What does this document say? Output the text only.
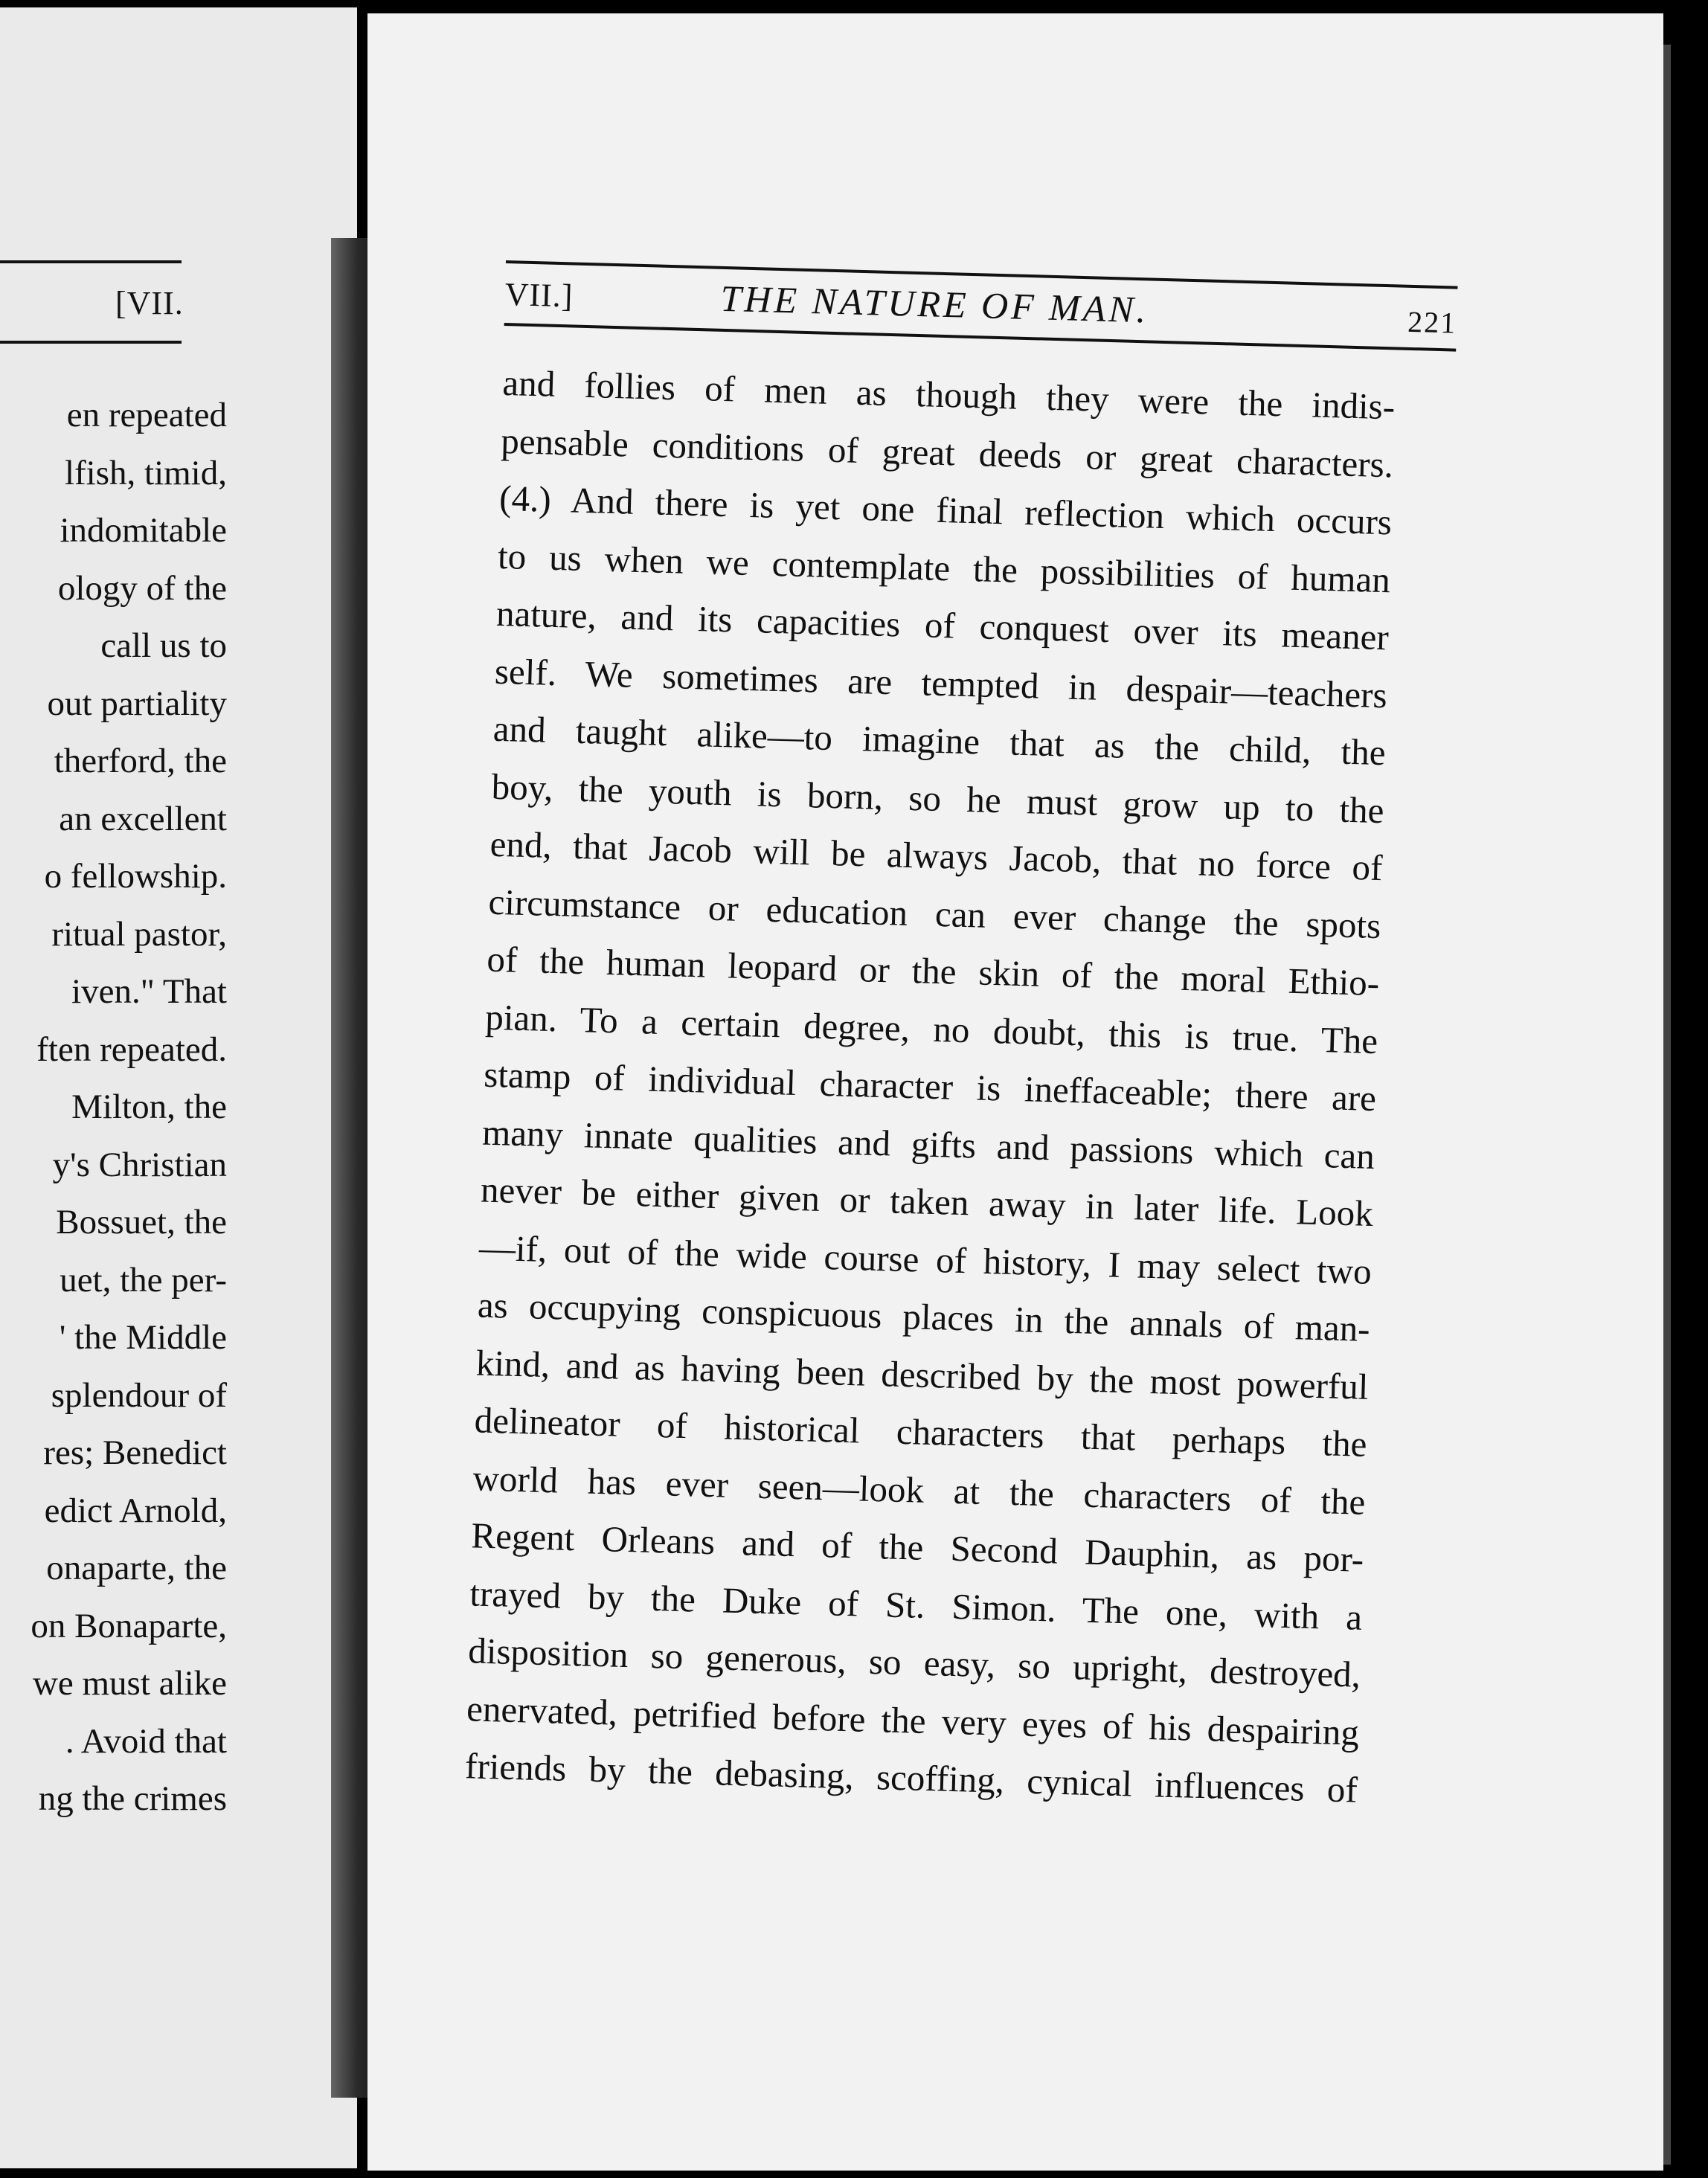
[VII.
en repeated
lfish, timid,
indomitable
ology of the
call us to
out partiality
therford, the
an excellent
o fellowship.
ritual pastor,
iven." That
ften repeated.
Milton, the
y's Christian
Bossuet, the
uet, the per-
' the Middle
splendour of
res; Benedict
edict Arnold,
onaparte, the
on Bonaparte,
we must alike
. Avoid that
ng the crimes
VII.]	THE NATURE OF MAN.	221
and follies of men as though they were the indis-
pensable conditions of great deeds or great characters.
(4.) And there is yet one final reflection which occurs
to us when we contemplate the possibilities of human
nature, and its capacities of conquest over its meaner
self. We sometimes are tempted in despair—teachers
and taught alike—to imagine that as the child, the
boy, the youth is born, so he must grow up to the
end, that Jacob will be always Jacob, that no force of
circumstance or education can ever change the spots
of the human leopard or the skin of the moral Ethio-
pian. To a certain degree, no doubt, this is true. The
stamp of individual character is ineffaceable; there are
many innate qualities and gifts and passions which can
never be either given or taken away in later life. Look
—if, out of the wide course of history, I may select two
as occupying conspicuous places in the annals of man-
kind, and as having been described by the most powerful
delineator of historical characters that perhaps the
world has ever seen—look at the characters of the
Regent Orleans and of the Second Dauphin, as por-
trayed by the Duke of St. Simon. The one, with a
disposition so generous, so easy, so upright, destroyed,
enervated, petrified before the very eyes of his despairing
friends by the debasing, scoffing, cynical influences of
